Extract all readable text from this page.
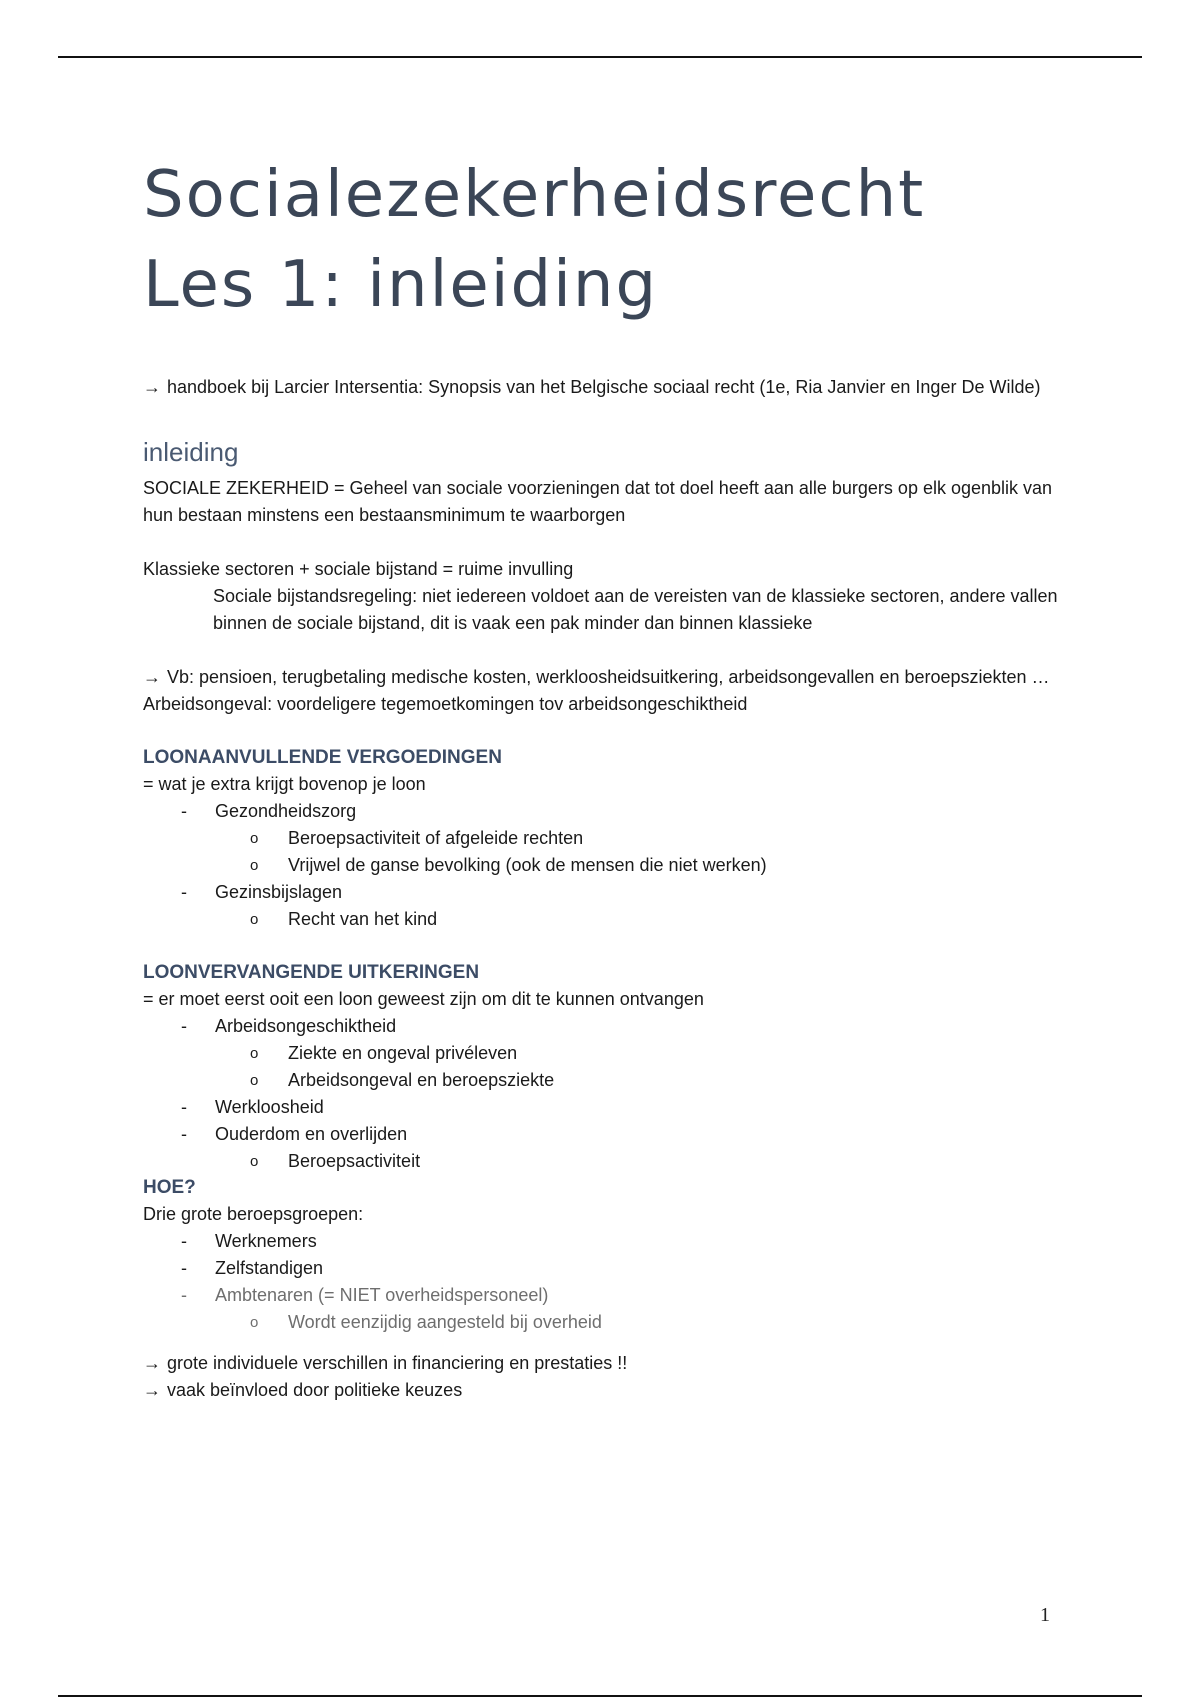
Socialezekerheidsrecht
Les 1: inleiding

→ handboek bij Larcier Intersentia: Synopsis van het Belgische sociaal recht (1e, Ria Janvier en Inger De Wilde)

inleiding

SOCIALE ZEKERHEID = Geheel van sociale voorzieningen dat tot doel heeft aan alle burgers op elk ogenblik van hun bestaan minstens een bestaansminimum te waarborgen

Klassieke sectoren + sociale bijstand = ruime invulling

Sociale bijstandsregeling: niet iedereen voldoet aan de vereisten van de klassieke sectoren, andere vallen binnen de sociale bijstand, dit is vaak een pak minder dan binnen klassieke

→ Vb: pensioen, terugbetaling medische kosten, werkloosheidsuitkering, arbeidsongevallen en beroepsziekten …

Arbeidsongeval: voordeligere tegemoetkomingen tov arbeidsongeschiktheid

LOONAANVULLENDE VERGOEDINGEN

= wat je extra krijgt bovenop je loon

- Gezondheidszorg
o Beroepsactiviteit of afgeleide rechten
o Vrijwel de ganse bevolking (ook de mensen die niet werken)
- Gezinsbijslagen
o Recht van het kind
LOONVERVANGENDE UITKERINGEN

= er moet eerst ooit een loon geweest zijn om dit te kunnen ontvangen

- Arbeidsongeschiktheid
o Ziekte en ongeval privéleven
o Arbeidsongeval en beroepsziekte
- Werkloosheid
- Ouderdom en overlijden
o Beroepsactiviteit
HOE?

Drie grote beroepsgroepen:

- Werknemers
- Zelfstandigen
- Ambtenaren (= NIET overheidspersoneel)
o Wordt eenzijdig aangesteld bij overheid

→ grote individuele verschillen in financiering en prestaties !!

→ vaak beïnvloed door politieke keuzes

1
